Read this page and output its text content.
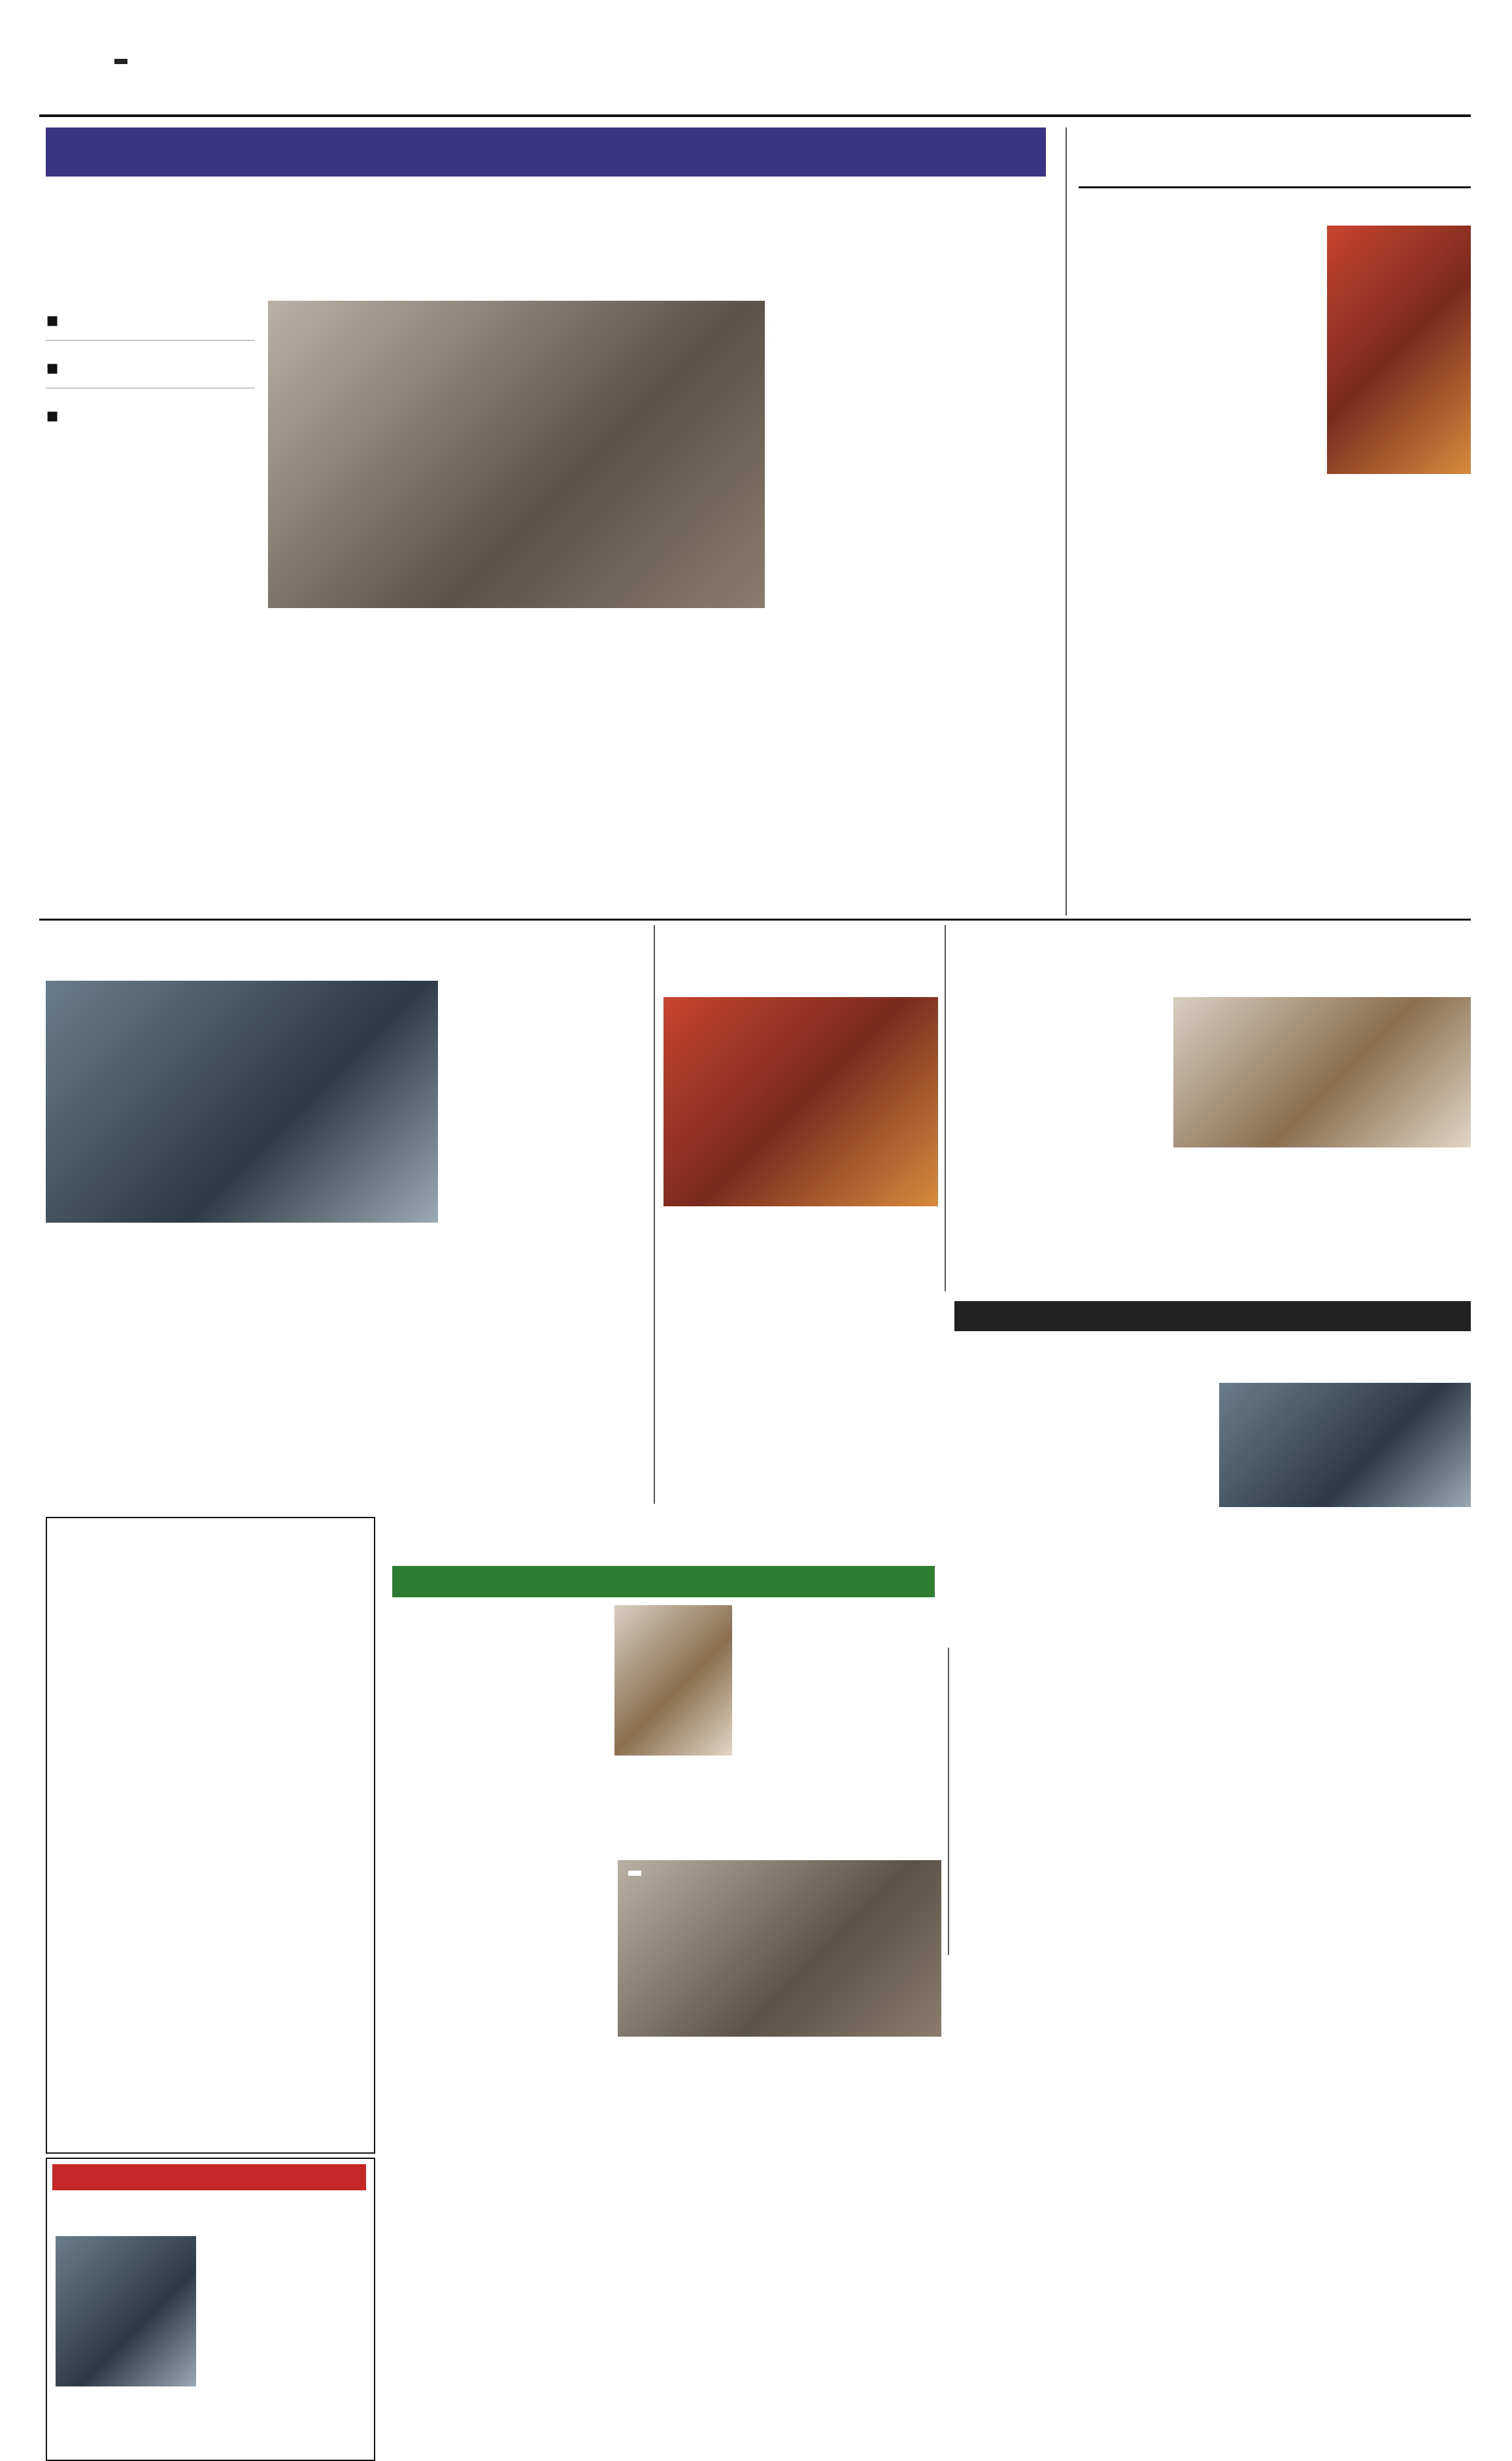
▪
▪
▪
